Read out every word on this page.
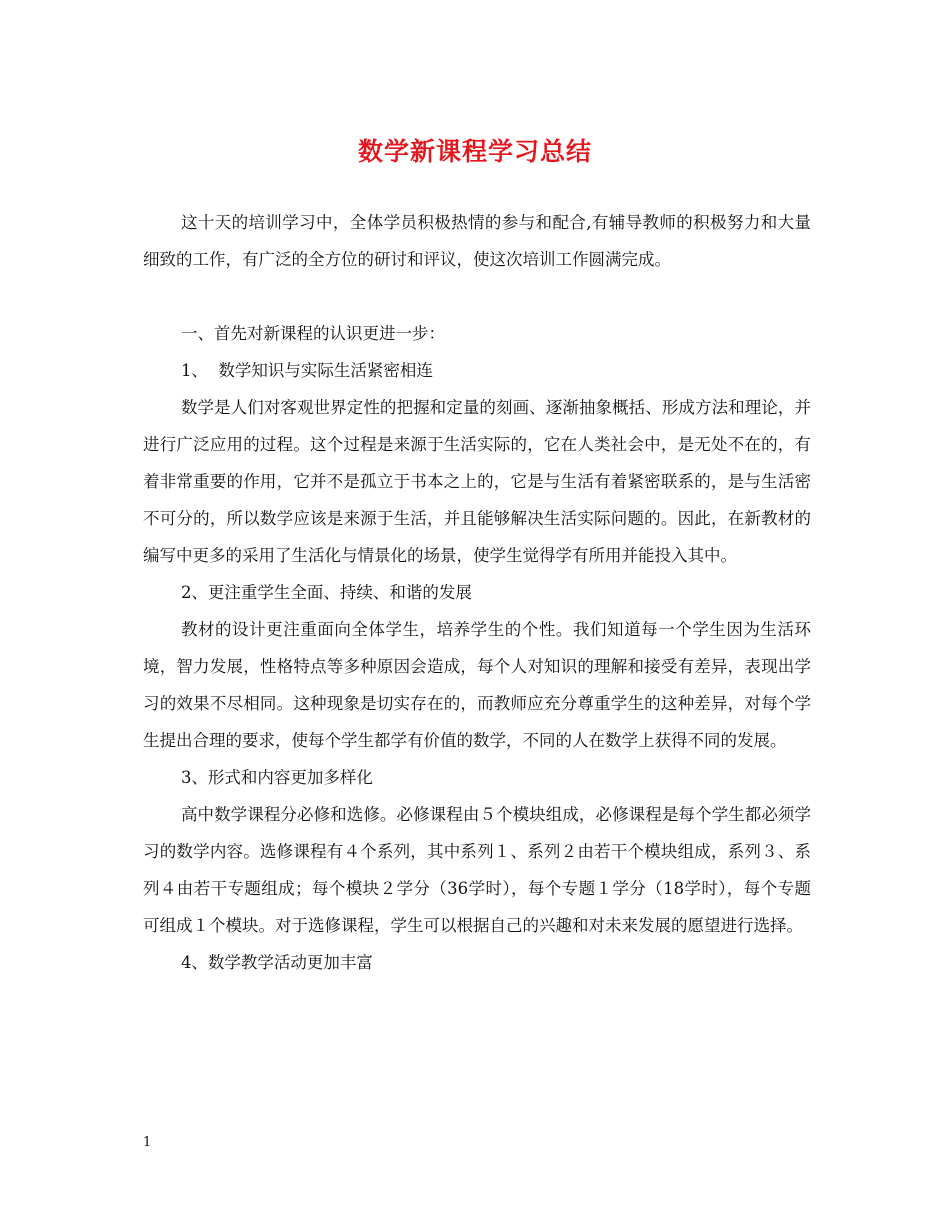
数学新课程学习总结

这十天的培训学习中，全体学员积极热情的参与和配合,有辅导教师的积极努力和大量细致的工作，有广泛的全方位的研讨和评议，使这次培训工作圆满完成。

一、首先对新课程的认识更进一步：

1、  数学知识与实际生活紧密相连

数学是人们对客观世界定性的把握和定量的刻画、逐渐抽象概括、形成方法和理论，并进行广泛应用的过程。这个过程是来源于生活实际的，它在人类社会中，是无处不在的，有着非常重要的作用，它并不是孤立于书本之上的，它是与生活有着紧密联系的，是与生活密不可分的，所以数学应该是来源于生活，并且能够解决生活实际问题的。因此，在新教材的编写中更多的采用了生活化与情景化的场景，使学生觉得学有所用并能投入其中。

2、更注重学生全面、持续、和谐的发展

教材的设计更注重面向全体学生，培养学生的个性。我们知道每一个学生因为生活环境，智力发展，性格特点等多种原因会造成，每个人对知识的理解和接受有差异，表现出学习的效果不尽相同。这种现象是切实存在的，而教师应充分尊重学生的这种差异，对每个学生提出合理的要求，使每个学生都学有价值的数学，不同的人在数学上获得不同的发展。

3、形式和内容更加多样化

高中数学课程分必修和选修。必修课程由５个模块组成，必修课程是每个学生都必须学习的数学内容。选修课程有４个系列，其中系列１、系列２由若干个模块组成，系列３、系列４由若干专题组成；每个模块２学分（36学时），每个专题１学分（18学时），每个专题可组成１个模块。对于选修课程，学生可以根据自己的兴趣和对未来发展的愿望进行选择。

4、数学教学活动更加丰富

1
